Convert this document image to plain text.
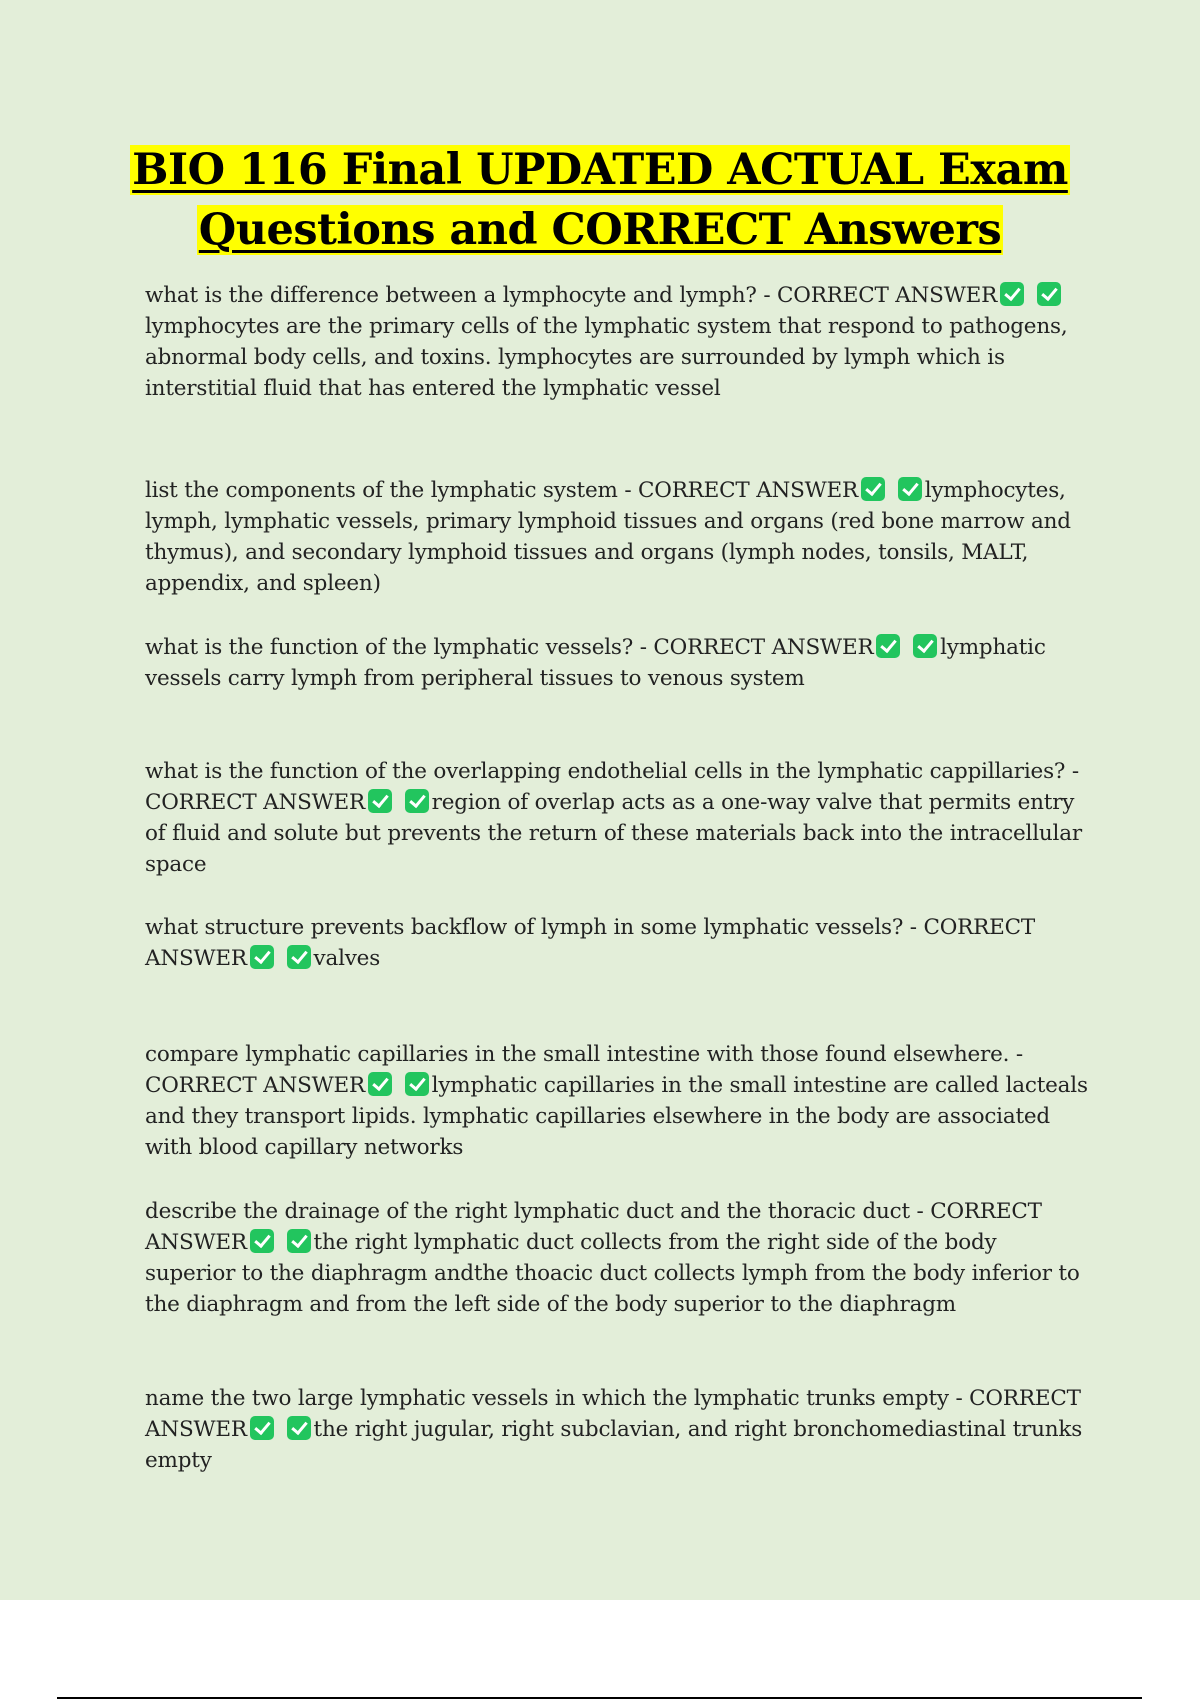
BIO 116 Final UPDATED ACTUAL Exam
Questions and CORRECT Answers
what is the difference between a lymphocyte and lymph? - CORRECT ANSWER lymphocytes are the primary cells of the lymphatic system that respond to pathogens, abnormal body cells, and toxins. lymphocytes are surrounded by lymph which is interstitial fluid that has entered the lymphatic vessel
list the components of the lymphatic system - CORRECT ANSWER	lymphocytes, lymph, lymphatic vessels, primary lymphoid tissues and organs (red bone marrow and thymus), and secondary lymphoid tissues and organs (lymph nodes, tonsils, MALT, appendix, and spleen)
what is the function of the lymphatic vessels? - CORRECT ANSWER	lymphatic vessels carry lymph from peripheral tissues to venous system
what is the function of the overlapping endothelial cells in the lymphatic cappillaries? - CORRECT ANSWER	region of overlap acts as a one-way valve that permits entry of fluid and solute but prevents the return of these materials back into the intracellular space
what structure prevents backflow of lymph in some lymphatic vessels? - CORRECT ANSWER	valves
compare lymphatic capillaries in the small intestine with those found elsewhere. - CORRECT ANSWER	lymphatic capillaries in the small intestine are called lacteals and they transport lipids. lymphatic capillaries elsewhere in the body are associated with blood capillary networks
describe the drainage of the right lymphatic duct and the thoracic duct - CORRECT ANSWER	the right lymphatic duct collects from the right side of the body superior to the diaphragm andthe thoacic duct collects lymph from the body inferior to the diaphragm and from the left side of the body superior to the diaphragm
name the two large lymphatic vessels in which the lymphatic trunks empty - CORRECT ANSWER	the right jugular, right subclavian, and right bronchomediastinal trunks empty
